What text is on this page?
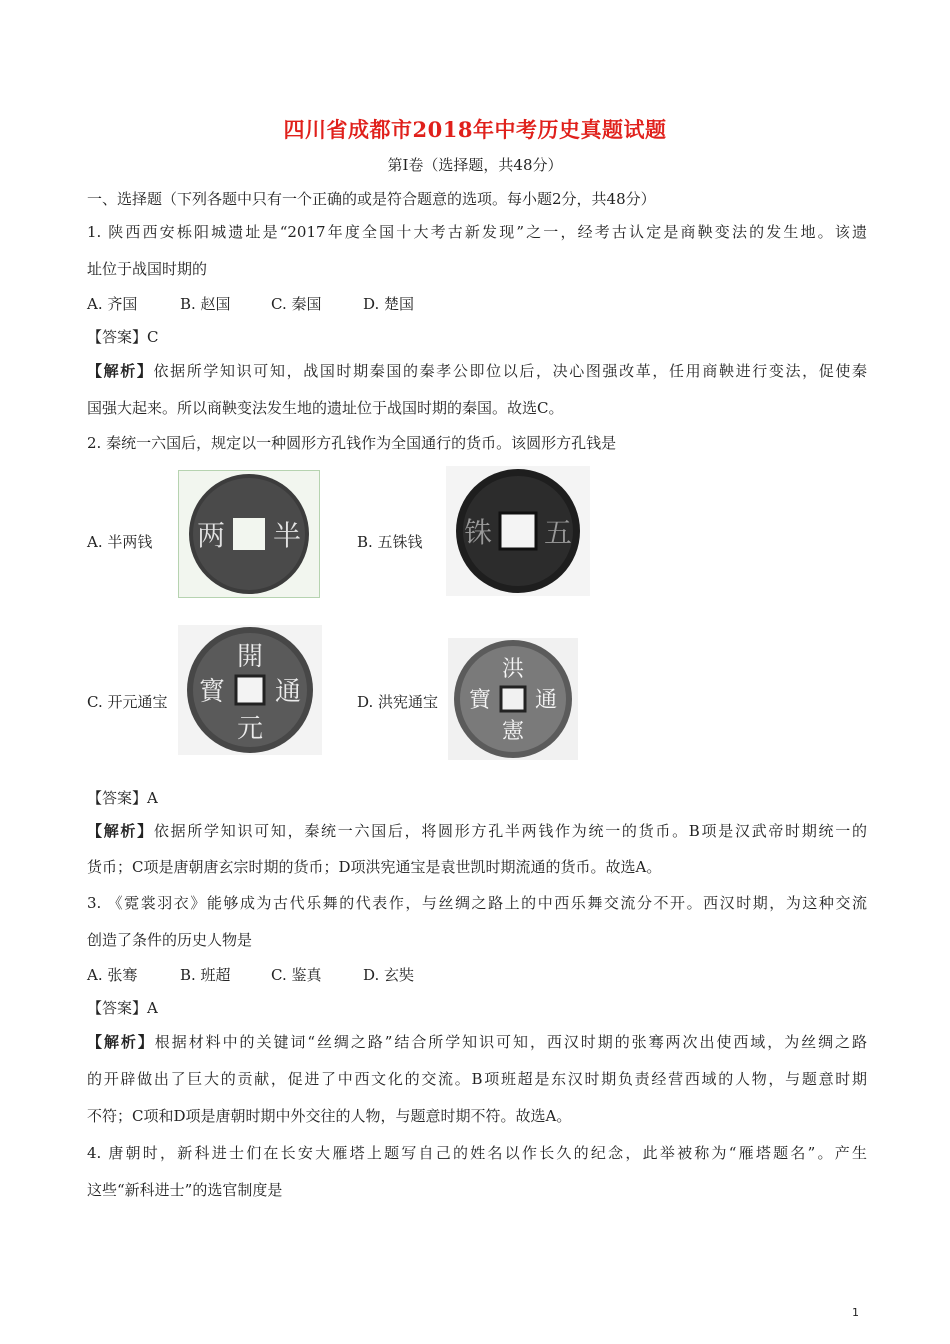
四川省成都市2018年中考历史真题试题
第Ⅰ卷（选择题，共48分）
一、选择题（下列各题中只有一个正确的或是符合题意的选项。每小题2分，共48分）
1. 陕西西安栎阳城遗址是“2017年度全国十大考古新发现”之一，经考古认定是商鞅变法的发生地。该遗
址位于战国时期的
A. 齐国	B. 赵国	C. 秦国	D. 楚国
【答案】C
【解析】依据所学知识可知，战国时期秦国的秦孝公即位以后，决心图强改革，任用商鞅进行变法，促使秦
国强大起来。所以商鞅变法发生地的遗址位于战国时期的秦国。故选C。
2. 秦统一六国后，规定以一种圆形方孔钱作为全国通行的货币。该圆形方孔钱是
A. 半两钱 两 半	B. 五铢钱 铢 五
C. 开元通宝
開
元
通
寳	D. 洪宪通宝
洪
憲
通
寶
【答案】A
【解析】依据所学知识可知，秦统一六国后，将圆形方孔半两钱作为统一的货币。B项是汉武帝时期统一的
货币；C项是唐朝唐玄宗时期的货币；D项洪宪通宝是袁世凯时期流通的货币。故选A。
3. 《霓裳羽衣》能够成为古代乐舞的代表作，与丝绸之路上的中西乐舞交流分不开。西汉时期，为这种交流
创造了条件的历史人物是
A. 张骞	B. 班超	C. 鉴真	D. 玄奘
【答案】A
【解析】根据材料中的关键词“丝绸之路”结合所学知识可知，西汉时期的张骞两次出使西域，为丝绸之路
的开辟做出了巨大的贡献，促进了中西文化的交流。B项班超是东汉时期负责经营西域的人物，与题意时期
不符；C项和D项是唐朝时期中外交往的人物，与题意时期不符。故选A。
4. 唐朝时，新科进士们在长安大雁塔上题写自己的姓名以作长久的纪念，此举被称为“雁塔题名”。产生
这些“新科进士”的选官制度是
1
